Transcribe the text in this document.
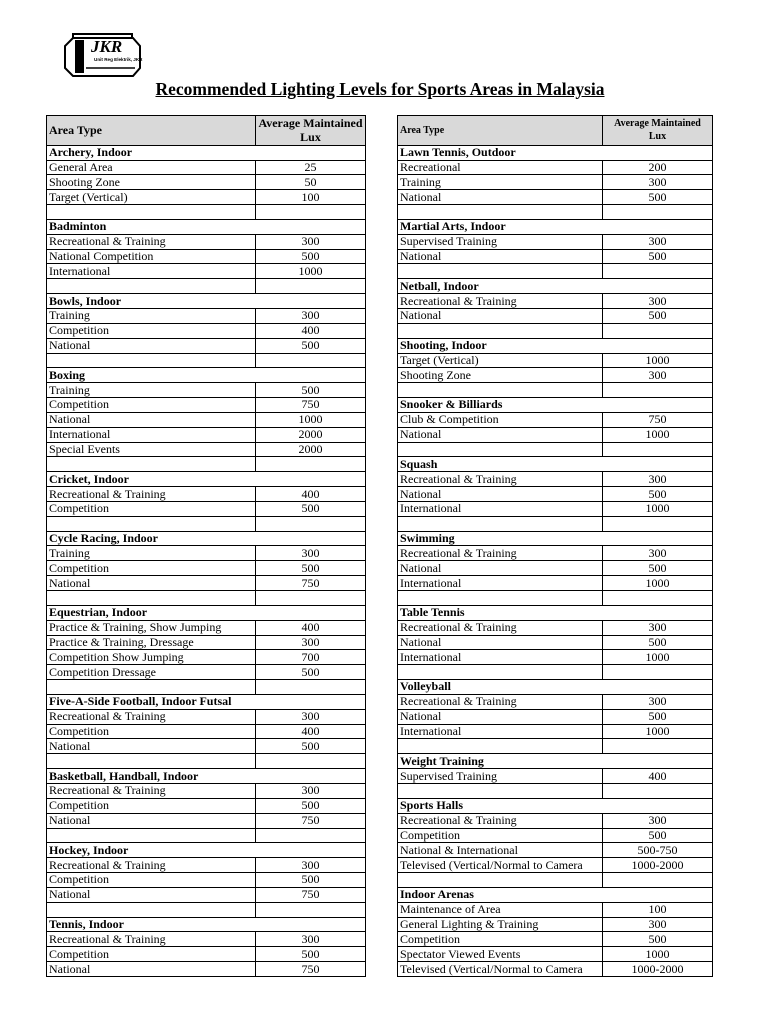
JKR
Unit Reg Elektrik, JKR
Recommended Lighting Levels for Sports Areas in Malaysia
Area Type	Average Maintained Lux
Archery, Indoor	
General Area	25
Shooting Zone	50
Target (Vertical)	100

Badminton	
Recreational & Training	300
National Competition	500
International	1000

Bowls, Indoor	
Training	300
Competition	400
National	500

Boxing	
Training	500
Competition	750
National	1000
International	2000
Special Events	2000

Cricket, Indoor	
Recreational & Training	400
Competition	500

Cycle Racing, Indoor	
Training	300
Competition	500
National	750

Equestrian, Indoor	
Practice & Training, Show Jumping	400
Practice & Training, Dressage	300
Competition Show Jumping	700
Competition Dressage	500

Five-A-Side Football, Indoor Futsal	
Recreational & Training	300
Competition	400
National	500

Basketball, Handball, Indoor	
Recreational & Training	300
Competition	500
National	750

Hockey, Indoor	
Recreational & Training	300
Competition	500
National	750

Tennis, Indoor	
Recreational & Training	300
Competition	500
National	750
Area Type	Average Maintained Lux
Lawn Tennis, Outdoor	
Recreational	200
Training	300
National	500

Martial Arts, Indoor	
Supervised Training	300
National	500

Netball, Indoor	
Recreational & Training	300
National	500

Shooting, Indoor	
Target (Vertical)	1000
Shooting Zone	300

Snooker & Billiards	
Club & Competition	750
National	1000

Squash	
Recreational & Training	300
National	500
International	1000

Swimming	
Recreational & Training	300
National	500
International	1000

Table Tennis	
Recreational & Training	300
National	500
International	1000

Volleyball	
Recreational & Training	300
National	500
International	1000

Weight Training	
Supervised Training	400

Sports Halls	
Recreational & Training	300
Competition	500
National & International	500-750
Televised (Vertical/Normal to Camera	1000-2000

Indoor Arenas	
Maintenance of Area	100
General Lighting & Training	300
Competition	500
Spectator Viewed Events	1000
Televised (Vertical/Normal to Camera	1000-2000
